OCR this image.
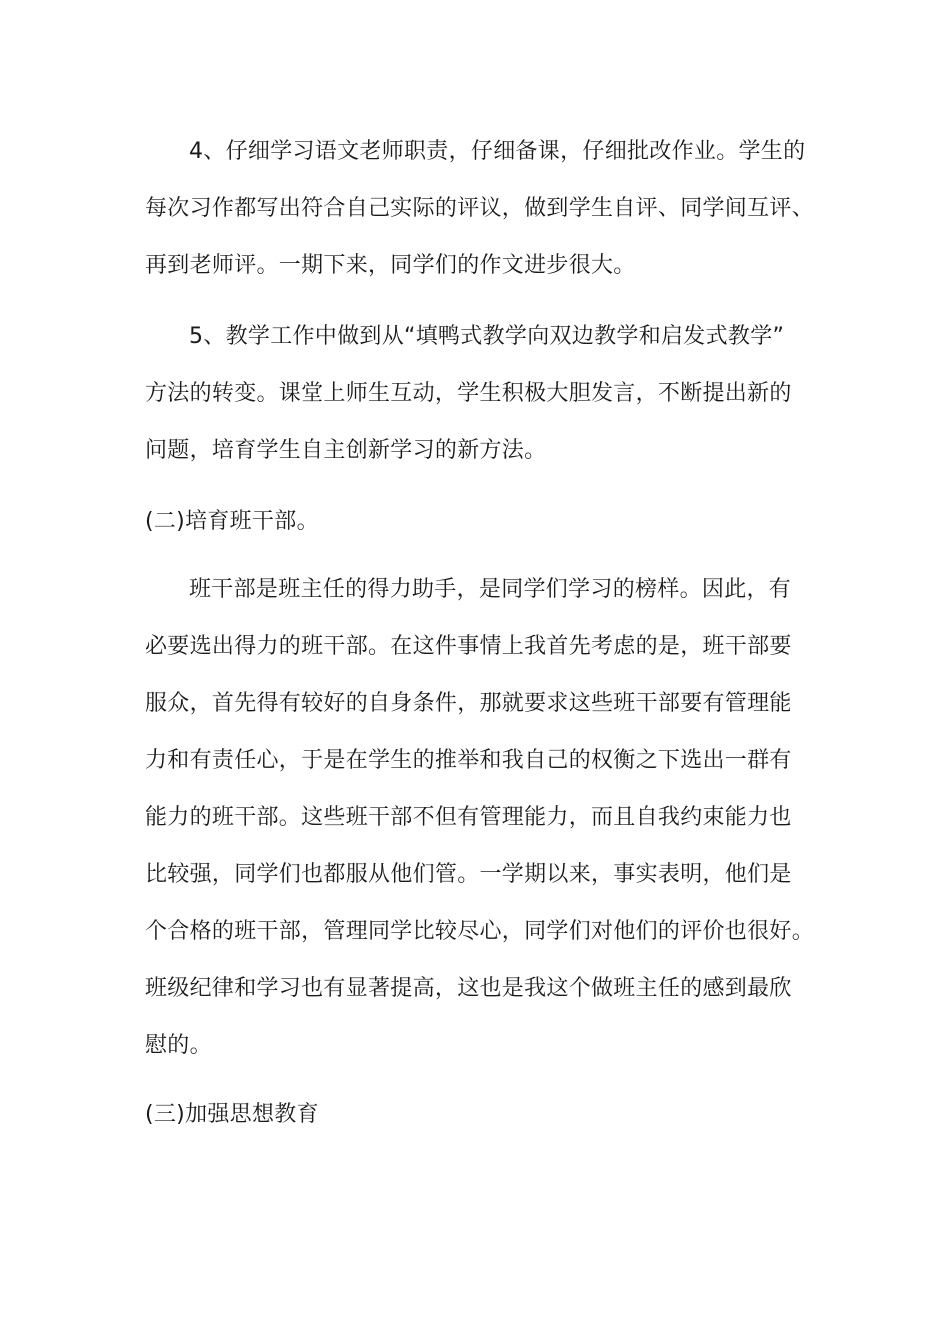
4、仔细学习语文老师职责，仔细备课，仔细批改作业。学生的
每次习作都写出符合自己实际的评议，做到学生自评、同学间互评、
再到老师评。一期下来，同学们的作文进步很大。
5、教学工作中做到从“填鸭式教学向双边教学和启发式教学”
方法的转变。课堂上师生互动，学生积极大胆发言，不断提出新的
问题，培育学生自主创新学习的新方法。
(二)培育班干部。
班干部是班主任的得力助手，是同学们学习的榜样。因此，有
必要选出得力的班干部。在这件事情上我首先考虑的是，班干部要
服众，首先得有较好的自身条件，那就要求这些班干部要有管理能
力和有责任心，于是在学生的推举和我自己的权衡之下选出一群有
能力的班干部。这些班干部不但有管理能力，而且自我约束能力也
比较强，同学们也都服从他们管。一学期以来，事实表明，他们是
个合格的班干部，管理同学比较尽心，同学们对他们的评价也很好。
班级纪律和学习也有显著提高，这也是我这个做班主任的感到最欣
慰的。
(三)加强思想教育
